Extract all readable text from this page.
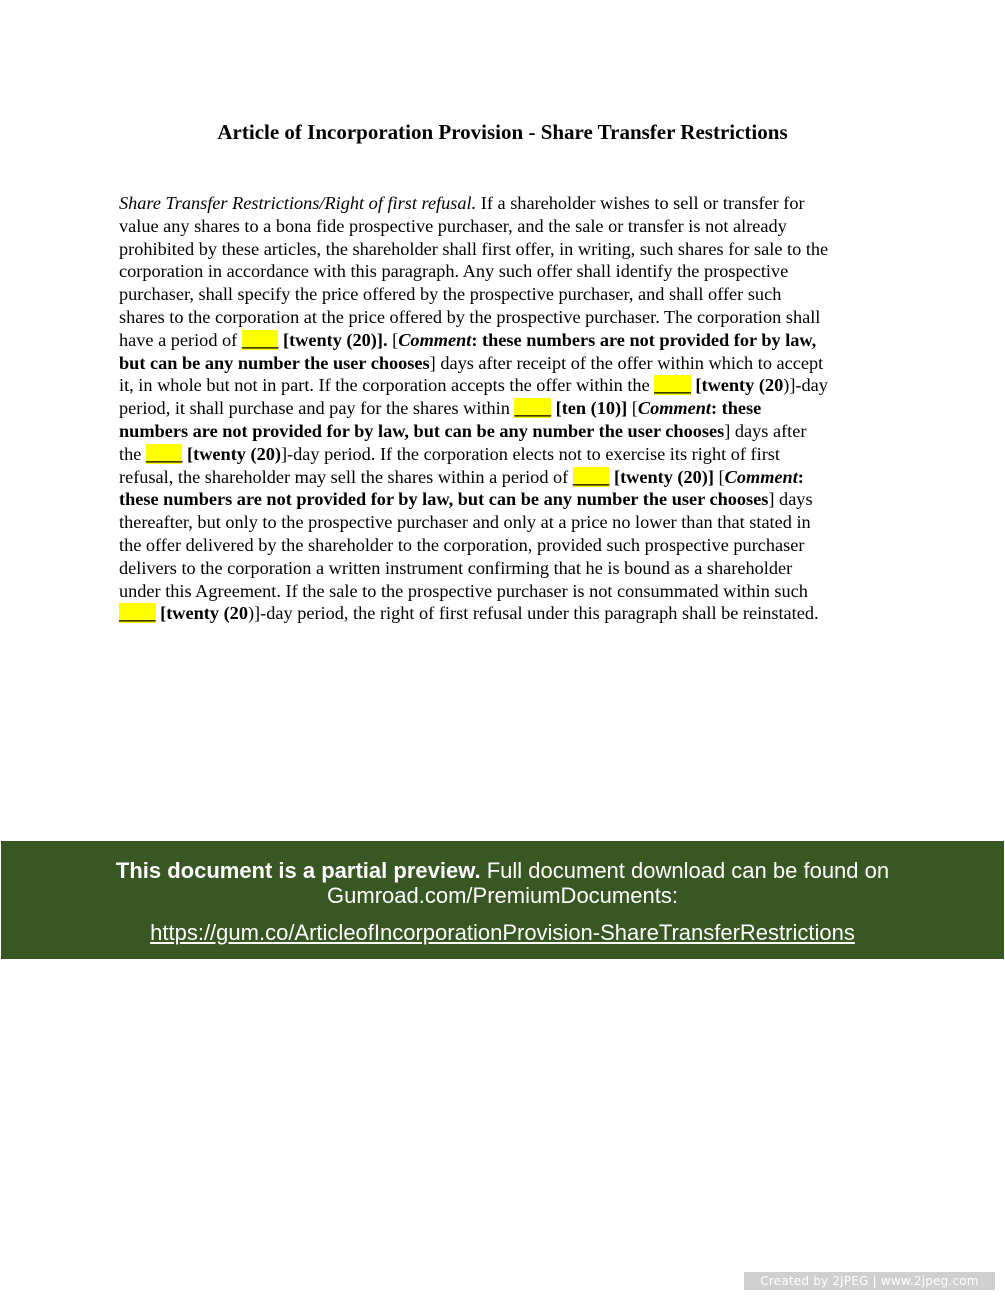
Article of Incorporation Provision - Share Transfer Restrictions
Share Transfer Restrictions/Right of first refusal. If a shareholder wishes to sell or transfer for
value any shares to a bona fide prospective purchaser, and the sale or transfer is not already
prohibited by these articles, the shareholder shall first offer, in writing, such shares for sale to the
corporation in accordance with this paragraph. Any such offer shall identify the prospective
purchaser, shall specify the price offered by the prospective purchaser, and shall offer such
shares to the corporation at the price offered by the prospective purchaser. The corporation shall
have a period of ____ [twenty (20)]. [Comment: these numbers are not provided for by law,
but can be any number the user chooses] days after receipt of the offer within which to accept
it, in whole but not in part. If the corporation accepts the offer within the ____ [twenty (20)]-day
period, it shall purchase and pay for the shares within ____ [ten (10)] [Comment: these
numbers are not provided for by law, but can be any number the user chooses] days after
the ____ [twenty (20)]-day period. If the corporation elects not to exercise its right of first
refusal, the shareholder may sell the shares within a period of ____ [twenty (20)] [Comment:
these numbers are not provided for by law, but can be any number the user chooses] days
thereafter, but only to the prospective purchaser and only at a price no lower than that stated in
the offer delivered by the shareholder to the corporation, provided such prospective purchaser
delivers to the corporation a written instrument confirming that he is bound as a shareholder
under this Agreement. If the sale to the prospective purchaser is not consummated within such
____ [twenty (20)]-day period, the right of first refusal under this paragraph shall be reinstated.
This document is a partial preview. Full document download can be found on
Gumroad.com/PremiumDocuments:
https://gum.co/ArticleofIncorporationProvision-ShareTransferRestrictions
Created by 2JPEG | www.2jpeg.com
